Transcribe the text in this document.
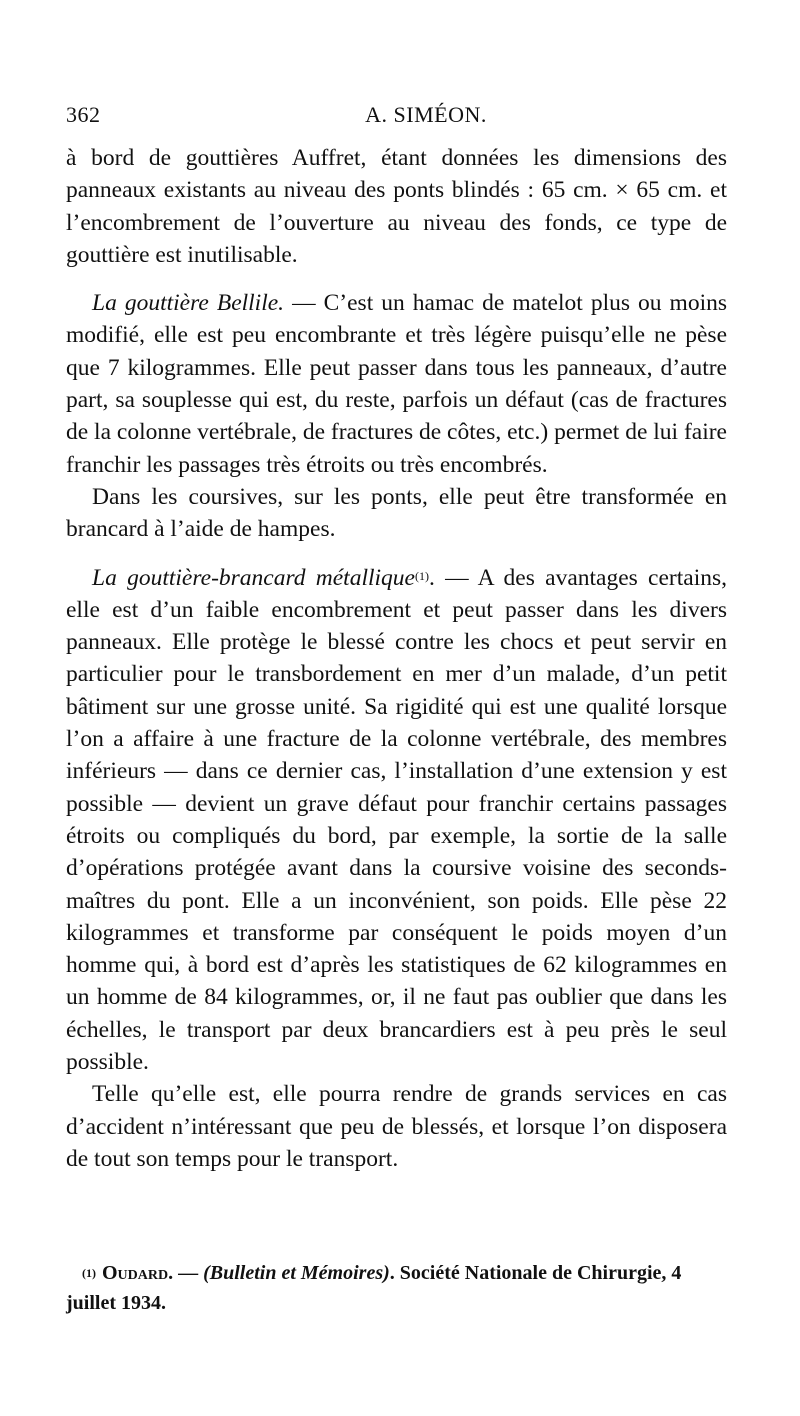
362	A. SIMÉON.

à bord de gouttières Auffret, étant données les dimensions des panneaux existants au niveau des ponts blindés : 65 cm. × 65 cm. et l’encombrement de l’ouverture au niveau des fonds, ce type de gouttière est inutilisable.

La gouttière Bellile. — C’est un hamac de matelot plus ou moins modifié, elle est peu encombrante et très légère puisqu’elle ne pèse que 7 kilogrammes. Elle peut passer dans tous les panneaux, d’autre part, sa souplesse qui est, du reste, parfois un défaut (cas de fractures de la colonne vertébrale, de fractures de côtes, etc.) permet de lui faire franchir les passages très étroits ou très encombrés.

Dans les coursives, sur les ponts, elle peut être transformée en brancard à l’aide de hampes.

La gouttière-brancard métallique$^{(1)}$. — A des avantages certains, elle est d’un faible encombrement et peut passer dans les divers panneaux. Elle protège le blessé contre les chocs et peut servir en particulier pour le transbordement en mer d’un malade, d’un petit bâtiment sur une grosse unité. Sa rigidité qui est une qualité lorsque l’on a affaire à une fracture de la colonne vertébrale, des membres inférieurs — dans ce dernier cas, l’installation d’une extension y est possible — devient un grave défaut pour franchir certains passages étroits ou compliqués du bord, par exemple, la sortie de la salle d’opérations protégée avant dans la coursive voisine des seconds-maîtres du pont. Elle a un inconvénient, son poids. Elle pèse 22 kilogrammes et transforme par conséquent le poids moyen d’un homme qui, à bord est d’après les statistiques de 62 kilogrammes en un homme de 84 kilogrammes, or, il ne faut pas oublier que dans les échelles, le transport par deux brancardiers est à peu près le seul possible.

Telle qu’elle est, elle pourra rendre de grands services en cas d’accident n’intéressant que peu de blessés, et lorsque l’on disposera de tout son temps pour le transport.

$^{(1)}$ Oudard. — (Bulletin et Mémoires). Société Nationale de Chirurgie, 4 juillet 1934.
